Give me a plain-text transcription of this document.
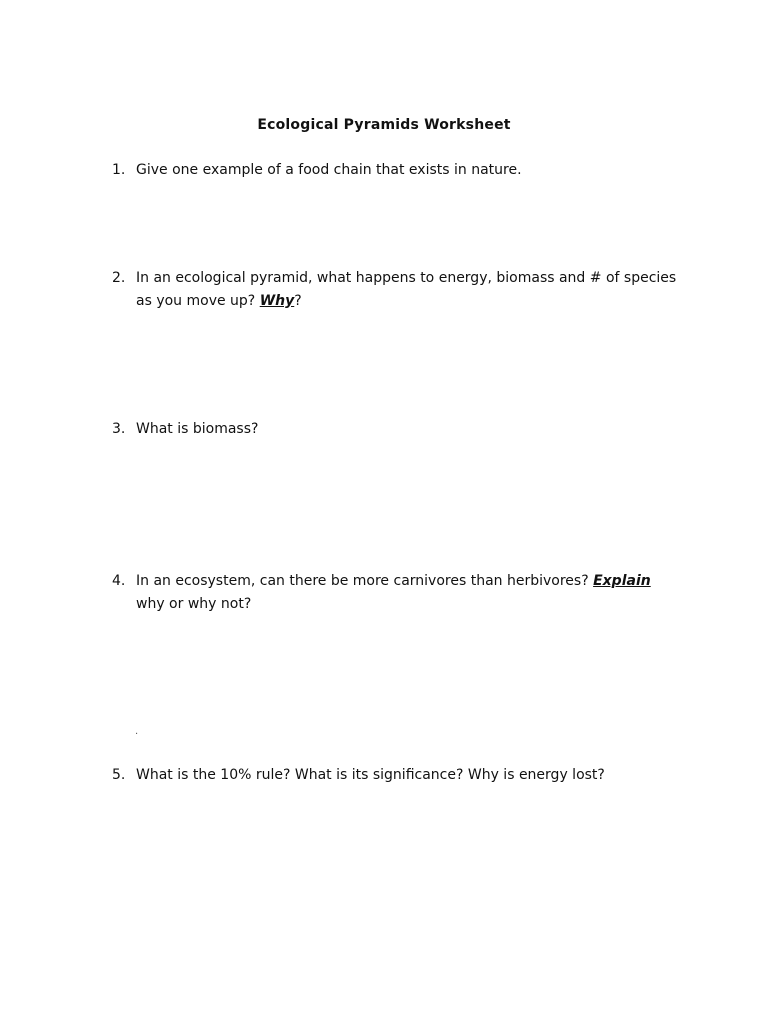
Ecological Pyramids Worksheet
1. Give one example of a food chain that exists in nature.
2. In an ecological pyramid, what happens to energy, biomass and # of species as you move up? Why?
3. What is biomass?
4. In an ecosystem, can there be more carnivores than herbivores? Explain why or why not?
.
5. What is the 10% rule? What is its significance? Why is energy lost?
